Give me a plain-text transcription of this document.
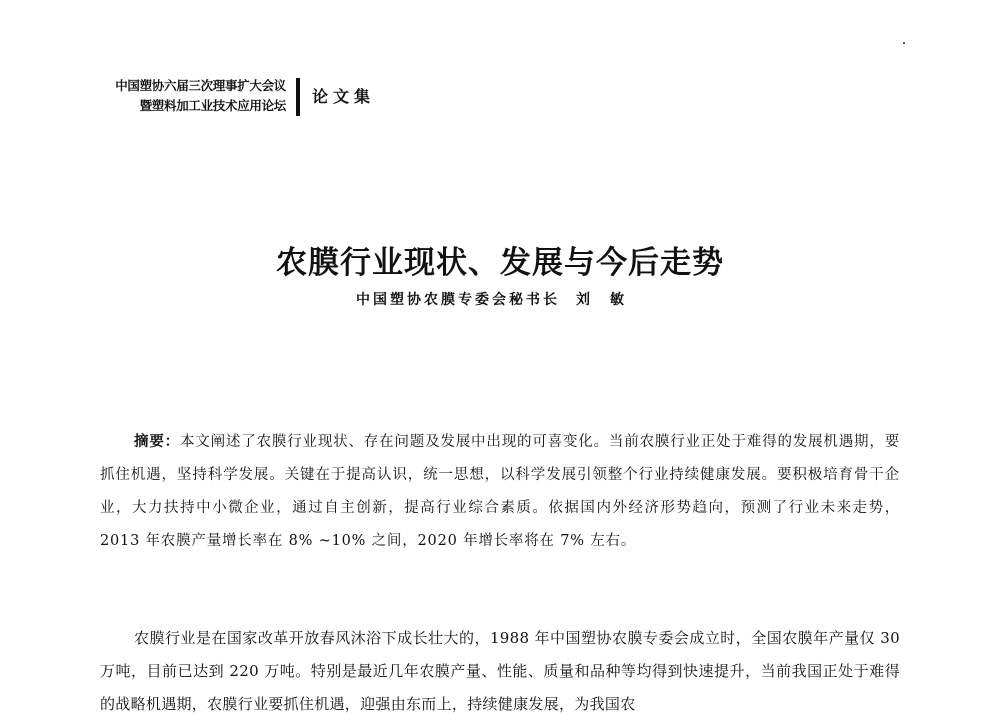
中国塑协六届三次理事扩大会议
暨塑料加工业技术应用论坛 论文集
农膜行业现状、发展与今后走势
中国塑协农膜专委会秘书长 刘敏
摘要：本文阐述了农膜行业现状、存在问题及发展中出现的可喜变化。当前农膜行业正处于难得的发展机遇期，要抓住机遇，坚持科学发展。关键在于提高认识，统一思想，以科学发展引领整个行业持续健康发展。要积极培育骨干企业，大力扶持中小微企业，通过自主创新，提高行业综合素质。依据国内外经济形势趋向，预测了行业未来走势，2013 年农膜产量增长率在 8% ~10% 之间，2020 年增长率将在 7% 左右。
农膜行业是在国家改革开放春风沐浴下成长壮大的，1988 年中国塑协农膜专委会成立时，全国农膜年产量仅 30 万吨，目前已达到 220 万吨。特别是最近几年农膜产量、性能、质量和品种等均得到快速提升，当前我国正处于难得的战略机遇期，农膜行业要抓住机遇，迎强由东而上，持续健康发展，为我国农
